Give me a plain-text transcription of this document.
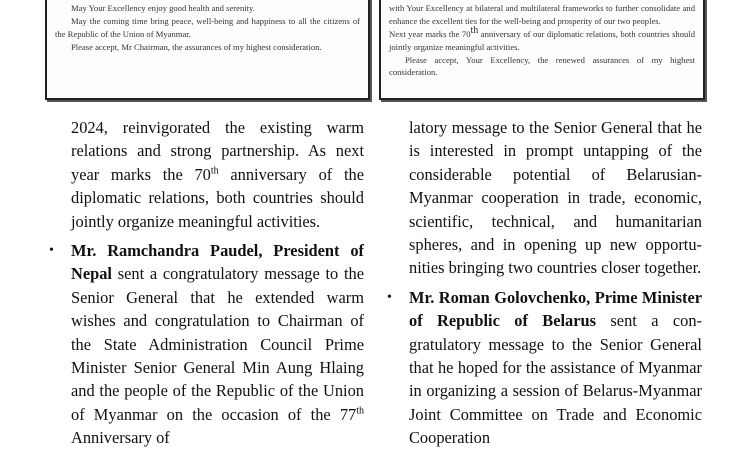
May Your Excellency enjoy good health and serenity.

May the coming time bring peace, well-being and happiness to all the citizens of the Republic of the Union of Myanmar.

Please accept, Mr Chairman, the assurances of my highest consideration.

with Your Excellency at bilateral and multilateral frameworks to further consolidate and enhance the excellent ties for the well-being and prosperity of our two peoples.

Next year marks the 70th anniversary of our diplomatic relations, both countries should jointly organize meaningful activities.

Please accept, Your Excellency, the renewed assurances of my highest consideration.

2024, reinvigorated the existing warm relations and strong partnership. As next year marks the 70th anniversary of the diplomatic relations, both countries should jointly organize meaningful activities.

• Mr. Ramchandra Paudel, President of Nepal sent a congratulatory message to the Senior General that he extended warm wishes and congratulation to Chairman of the State Administration Council Prime Minister Senior General Min Aung Hlaing and the people of the Republic of the Union of Myanmar on the occasion of the 77th Anniversary of

latory message to the Senior General that he is interested in prompt untapping of the considerable potential of Belarusian-Myanmar cooperation in trade, economic, scientific, technical, and humanitarian spheres, and in opening up new opportunities bringing two countries closer together.

• Mr. Roman Golovchenko, Prime Minister of Republic of Belarus sent a congratulatory message to the Senior General that he hoped for the assistance of Myanmar in organizing a session of Belarus-Myanmar Joint Committee on Trade and Economic Cooperation
